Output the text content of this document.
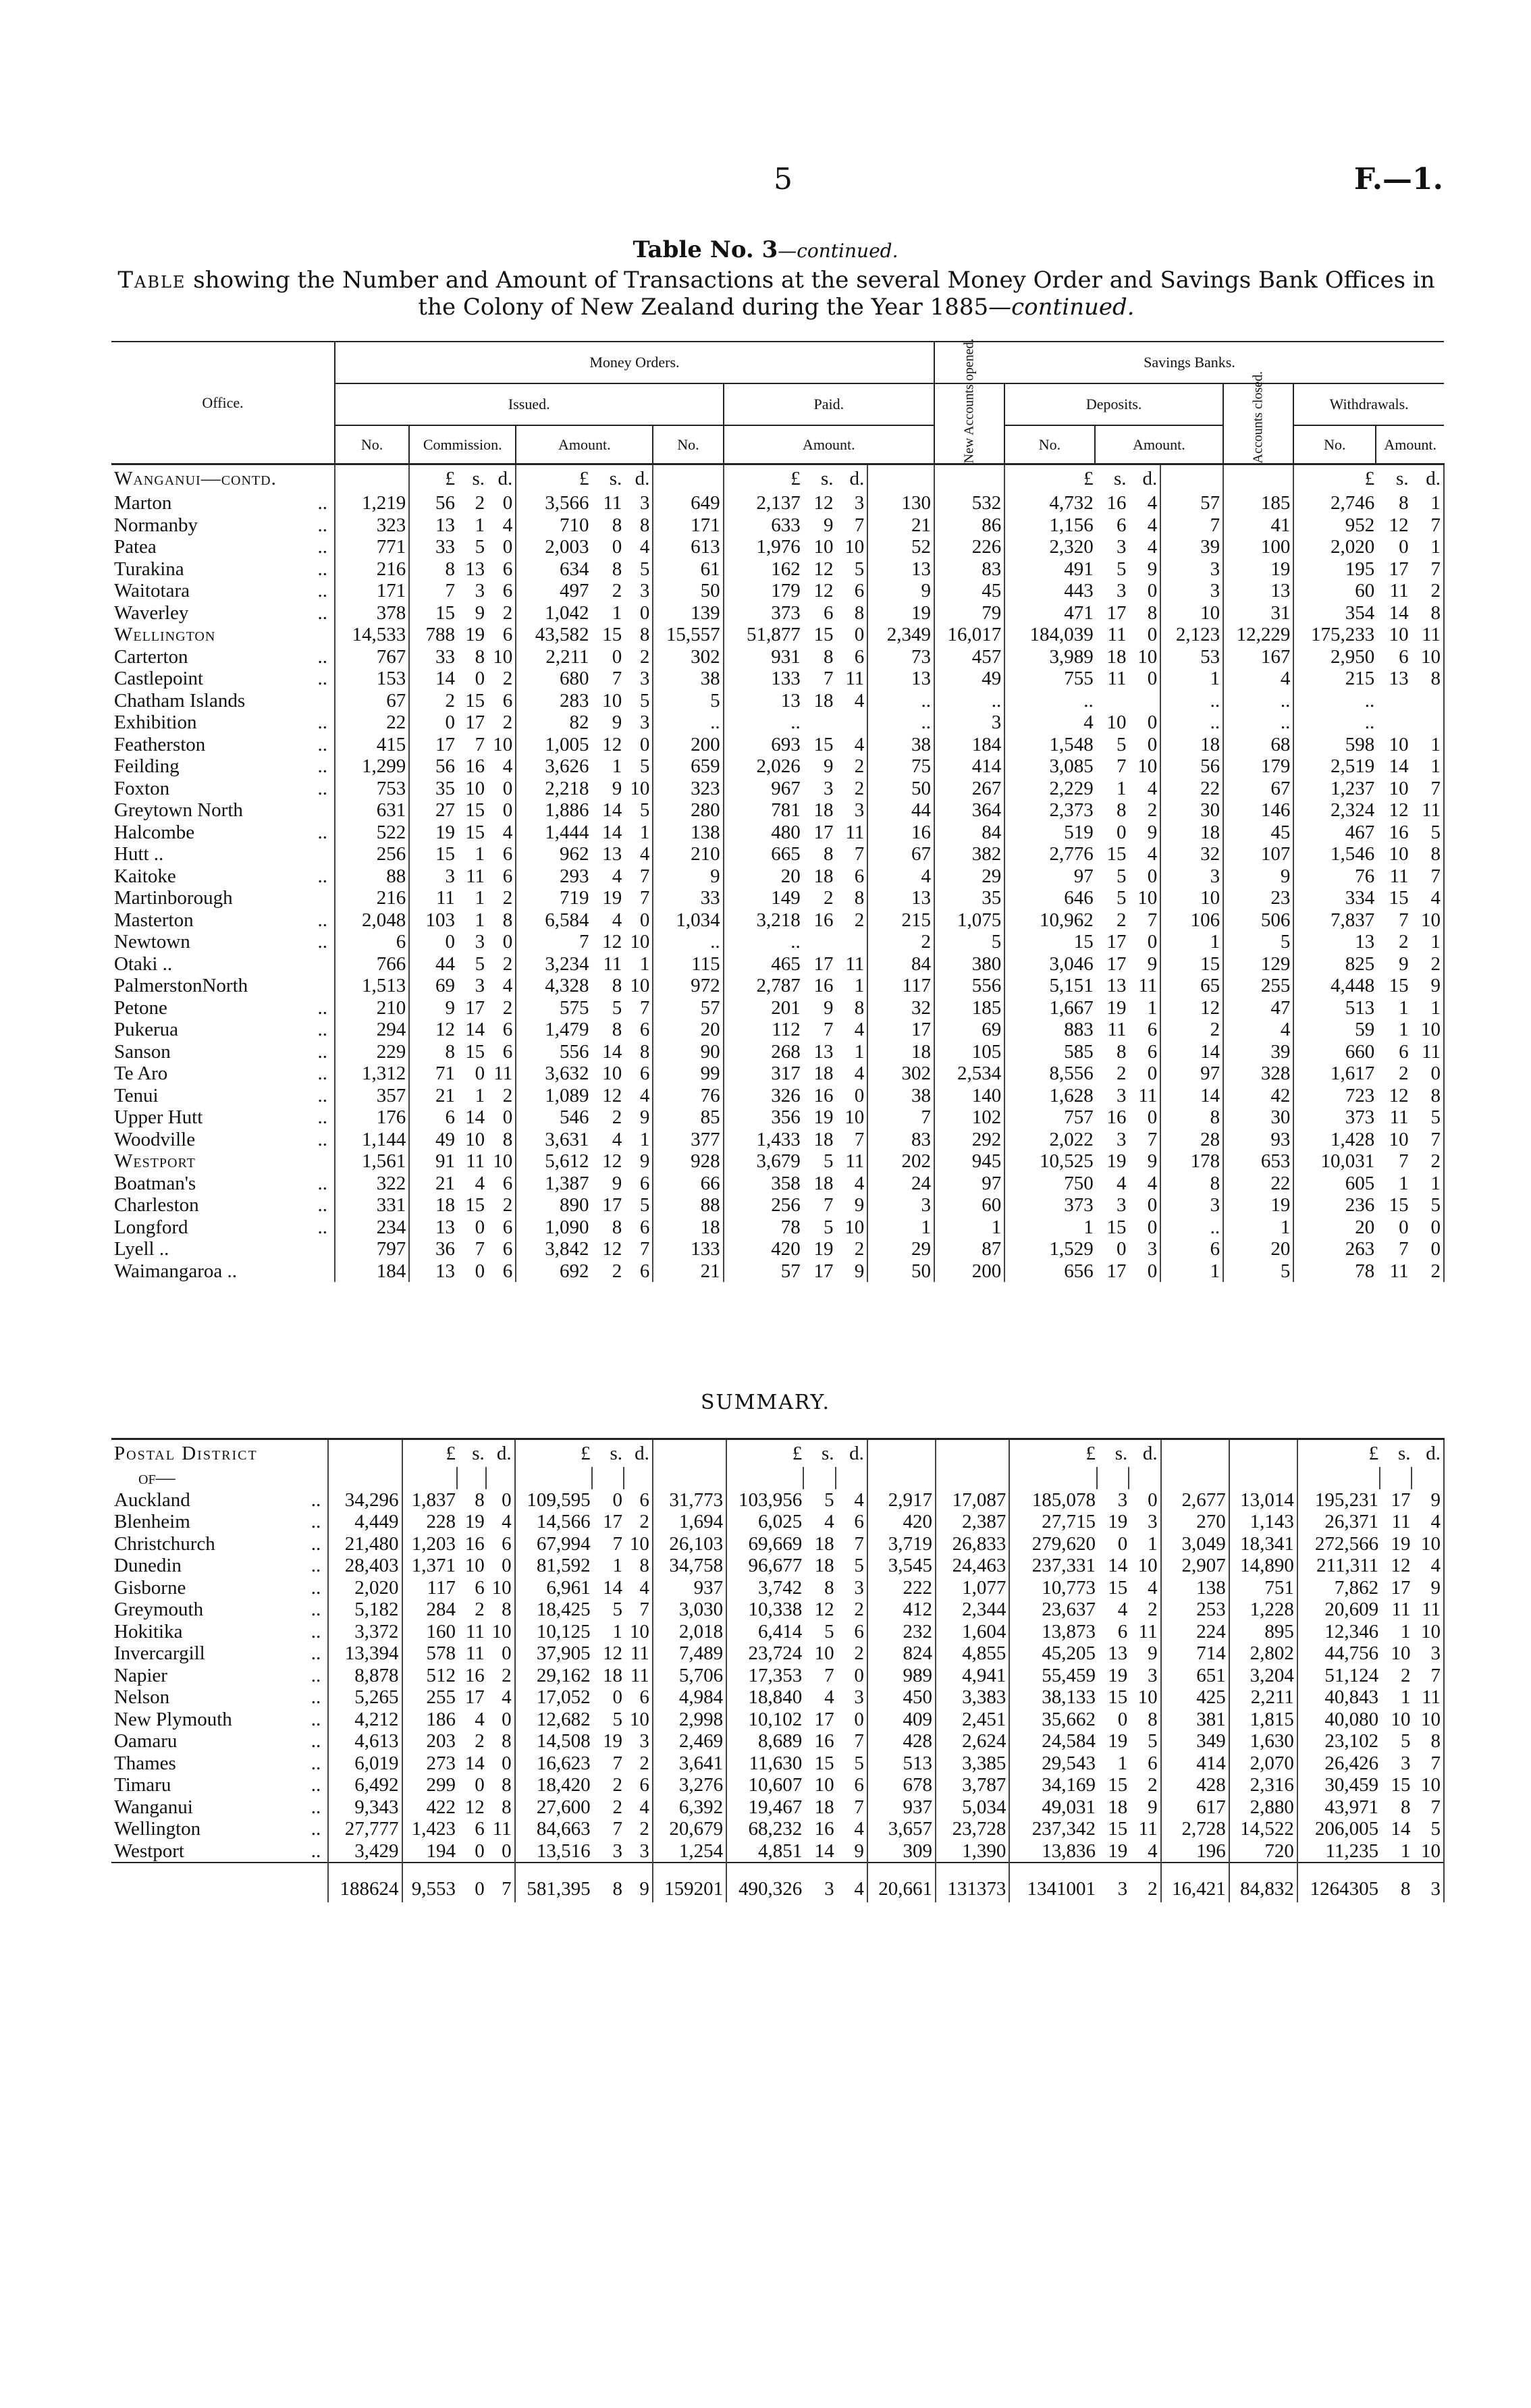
5	F.—1.
Table No. 3—continued.
Table showing the Number and Amount of Transactions at the several Money Order and Savings Bank Offices in the Colony of New Zealand during the Year 1885—continued.
Office.	Money Orders.												Savings Banks.								
	Issued.								Paid.				New Accounts opened.	Deposits.				Accounts closed.	Withdrawals.		
	No.	Commission.			Amount.			No.	Amount.					No.	Amount.				No.	Amount.	
Wanganui—contd.		£	s.	d.	£	s.	d.		£	s.	d.			£	s.	d.			£	s.	d.
Marton ..	1,219	56	2	0	3,566	11	3	649	2,137	12	3	130	532	4,732	16	4	57	185	2,746	8	1
Normanby ..	323	13	1	4	710	8	8	171	633	9	7	21	86	1,156	6	4	7	41	952	12	7
Patea ..	771	33	5	0	2,003	0	4	613	1,976	10	10	52	226	2,320	3	4	39	100	2,020	0	1
Turakina ..	216	8	13	6	634	8	5	61	162	12	5	13	83	491	5	9	3	19	195	17	7
Waitotara ..	171	7	3	6	497	2	3	50	179	12	6	9	45	443	3	0	3	13	60	11	2
Waverley ..	378	15	9	2	1,042	1	0	139	373	6	8	19	79	471	17	8	10	31	354	14	8
Wellington	14,533	788	19	6	43,582	15	8	15,557	51,877	15	0	2,349	16,017	184,039	11	0	2,123	12,229	175,233	10	11
Carterton ..	767	33	8	10	2,211	0	2	302	931	8	6	73	457	3,989	18	10	53	167	2,950	6	10
Castlepoint ..	153	14	0	2	680	7	3	38	133	7	11	13	49	755	11	0	1	4	215	13	8
Chatham Islands	67	2	15	6	283	10	5	5	13	18	4	..	..	..			..	..	..		
Exhibition ..	22	0	17	2	82	9	3	..	..			..	3	4	10	0	..	..	..		
Featherston ..	415	17	7	10	1,005	12	0	200	693	15	4	38	184	1,548	5	0	18	68	598	10	1
Feilding ..	1,299	56	16	4	3,626	1	5	659	2,026	9	2	75	414	3,085	7	10	56	179	2,519	14	1
Foxton ..	753	35	10	0	2,218	9	10	323	967	3	2	50	267	2,229	1	4	22	67	1,237	10	7
Greytown North	631	27	15	0	1,886	14	5	280	781	18	3	44	364	2,373	8	2	30	146	2,324	12	11
Halcombe ..	522	19	15	4	1,444	14	1	138	480	17	11	16	84	519	0	9	18	45	467	16	5
Hutt ..	256	15	1	6	962	13	4	210	665	8	7	67	382	2,776	15	4	32	107	1,546	10	8
Kaitoke ..	88	3	11	6	293	4	7	9	20	18	6	4	29	97	5	0	3	9	76	11	7
Martinborough	216	11	1	2	719	19	7	33	149	2	8	13	35	646	5	10	10	23	334	15	4
Masterton ..	2,048	103	1	8	6,584	4	0	1,034	3,218	16	2	215	1,075	10,962	2	7	106	506	7,837	7	10
Newtown ..	6	0	3	0	7	12	10	..	..			2	5	15	17	0	1	5	13	2	1
Otaki ..	766	44	5	2	3,234	11	1	115	465	17	11	84	380	3,046	17	9	15	129	825	9	2
PalmerstonNorth	1,513	69	3	4	4,328	8	10	972	2,787	16	1	117	556	5,151	13	11	65	255	4,448	15	9
Petone ..	210	9	17	2	575	5	7	57	201	9	8	32	185	1,667	19	1	12	47	513	1	1
Pukerua ..	294	12	14	6	1,479	8	6	20	112	7	4	17	69	883	11	6	2	4	59	1	10
Sanson ..	229	8	15	6	556	14	8	90	268	13	1	18	105	585	8	6	14	39	660	6	11
Te Aro ..	1,312	71	0	11	3,632	10	6	99	317	18	4	302	2,534	8,556	2	0	97	328	1,617	2	0
Tenui ..	357	21	1	2	1,089	12	4	76	326	16	0	38	140	1,628	3	11	14	42	723	12	8
Upper Hutt ..	176	6	14	0	546	2	9	85	356	19	10	7	102	757	16	0	8	30	373	11	5
Woodville ..	1,144	49	10	8	3,631	4	1	377	1,433	18	7	83	292	2,022	3	7	28	93	1,428	10	7
Westport	1,561	91	11	10	5,612	12	9	928	3,679	5	11	202	945	10,525	19	9	178	653	10,031	7	2
Boatman's ..	322	21	4	6	1,387	9	6	66	358	18	4	24	97	750	4	4	8	22	605	1	1
Charleston ..	331	18	15	2	890	17	5	88	256	7	9	3	60	373	3	0	3	19	236	15	5
Longford ..	234	13	0	6	1,090	8	6	18	78	5	10	1	1	1	15	0	..	1	20	0	0
Lyell ..	797	36	7	6	3,842	12	7	133	420	19	2	29	87	1,529	0	3	6	20	263	7	0
Waimangaroa ..	184	13	0	6	692	2	6	21	57	17	9	50	200	656	17	0	1	5	78	11	2
SUMMARY.
Postal District		£	s.	d.	£	s.	d.		£	s.	d.			£	s.	d.			£	s.	d.
of—																					
Auckland ..	34,296	1,837	8	0	109,595	0	6	31,773	103,956	5	4	2,917	17,087	185,078	3	0	2,677	13,014	195,231	17	9
Blenheim ..	4,449	228	19	4	14,566	17	2	1,694	6,025	4	6	420	2,387	27,715	19	3	270	1,143	26,371	11	4
Christchurch ..	21,480	1,203	16	6	67,994	7	10	26,103	69,669	18	7	3,719	26,833	279,620	0	1	3,049	18,341	272,566	19	10
Dunedin ..	28,403	1,371	10	0	81,592	1	8	34,758	96,677	18	5	3,545	24,463	237,331	14	10	2,907	14,890	211,311	12	4
Gisborne ..	2,020	117	6	10	6,961	14	4	937	3,742	8	3	222	1,077	10,773	15	4	138	751	7,862	17	9
Greymouth ..	5,182	284	2	8	18,425	5	7	3,030	10,338	12	2	412	2,344	23,637	4	2	253	1,228	20,609	11	11
Hokitika ..	3,372	160	11	10	10,125	1	10	2,018	6,414	5	6	232	1,604	13,873	6	11	224	895	12,346	1	10
Invercargill ..	13,394	578	11	0	37,905	12	11	7,489	23,724	10	2	824	4,855	45,205	13	9	714	2,802	44,756	10	3
Napier ..	8,878	512	16	2	29,162	18	11	5,706	17,353	7	0	989	4,941	55,459	19	3	651	3,204	51,124	2	7
Nelson ..	5,265	255	17	4	17,052	0	6	4,984	18,840	4	3	450	3,383	38,133	15	10	425	2,211	40,843	1	11
New Plymouth ..	4,212	186	4	0	12,682	5	10	2,998	10,102	17	0	409	2,451	35,662	0	8	381	1,815	40,080	10	10
Oamaru ..	4,613	203	2	8	14,508	19	3	2,469	8,689	16	7	428	2,624	24,584	19	5	349	1,630	23,102	5	8
Thames ..	6,019	273	14	0	16,623	7	2	3,641	11,630	15	5	513	3,385	29,543	1	6	414	2,070	26,426	3	7
Timaru ..	6,492	299	0	8	18,420	2	6	3,276	10,607	10	6	678	3,787	34,169	15	2	428	2,316	30,459	15	10
Wanganui ..	9,343	422	12	8	27,600	2	4	6,392	19,467	18	7	937	5,034	49,031	18	9	617	2,880	43,971	8	7
Wellington ..	27,777	1,423	6	11	84,663	7	2	20,679	68,232	16	4	3,657	23,728	237,342	15	11	2,728	14,522	206,005	14	5
Westport ..	3,429	194	0	0	13,516	3	3	1,254	4,851	14	9	309	1,390	13,836	19	4	196	720	11,235	1	10
	188624	9,553	0	7	581,395	8	9	159201	490,326	3	4	20,661	131373	1341001	3	2	16,421	84,832	1264305	8	3
